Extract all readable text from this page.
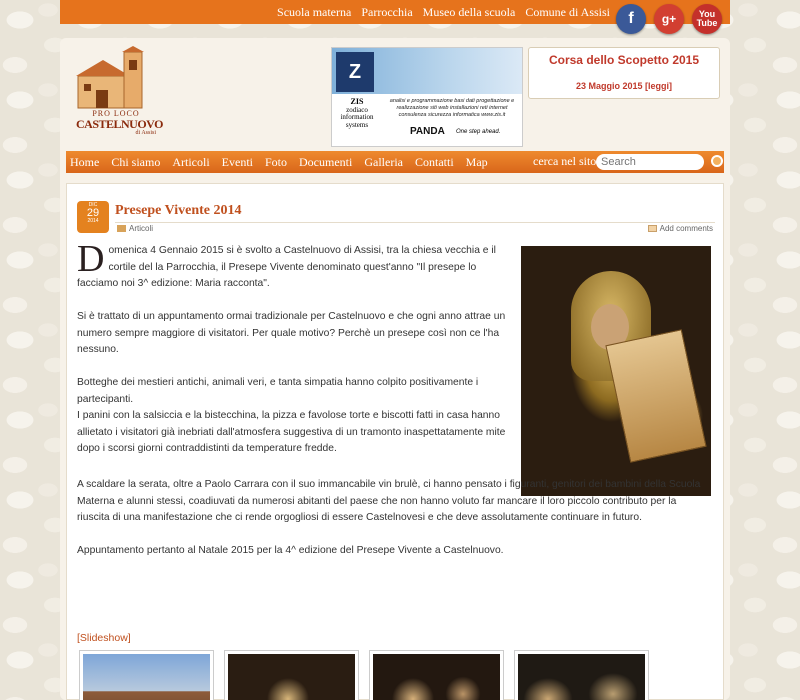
Scuola materna Parrocchia Museo della scuola Comune di Assisi	f	g+	You Tube
PRO LOCO
CASTELNUOVO
di Assisi
Z
ZIS
zodiaco information systems
analisi e programmazione basi dati progettazione e realizzazione siti web installazioni reti internet consulenza sicurezza informatica www.zis.it
PANDA One step ahead.
Corsa dello Scopetto 2015
23 Maggio 2015 [leggi]
Home Chi siamo Articoli Eventi Foto Documenti Galleria Contatti Map	cerca nel sito
Search
DIC
29
2014
Presepe Vivente 2014
Articoli	Add comments

Domenica 4 Gennaio 2015 si è svolto a Castelnuovo di Assisi, tra la chiesa vecchia e il cortile del la Parrocchia, il Presepe Vivente denominato quest'anno "Il presepe lo facciamo noi 3^ edizione: Maria racconta".

Si è trattato di un appuntamento ormai tradizionale per Castelnuovo e che ogni anno attrae un numero sempre maggiore di visitatori. Per quale motivo? Perchè un presepe così non ce l'ha nessuno.

Botteghe dei mestieri antichi, animali veri, e tanta simpatia hanno colpito positivamente i partecipanti.
I panini con la salsiccia e la bistecchina, la pizza e favolose torte e biscotti fatti in casa hanno allietato i visitatori già inebriati dall'atmosfera suggestiva di un tramonto inaspettatamente mite dopo i scorsi giorni contraddistinti da temperature fredde.

A scaldare la serata, oltre a Paolo Carrara con il suo immancabile vin brulè, ci hanno pensato i figuranti, genitori dei bambini della Scuola Materna e alunni stessi, coadiuvati da numerosi abitanti del paese che non hanno voluto far mancare il loro piccolo contributo per la riuscita di una manifestazione che ci rende orgogliosi di essere Castelnovesi e che deve assolutamente continuare in futuro.

Appuntamento pertanto al Natale 2015 per la 4^ edizione del Presepe Vivente a Castelnuovo.

[Slideshow]
